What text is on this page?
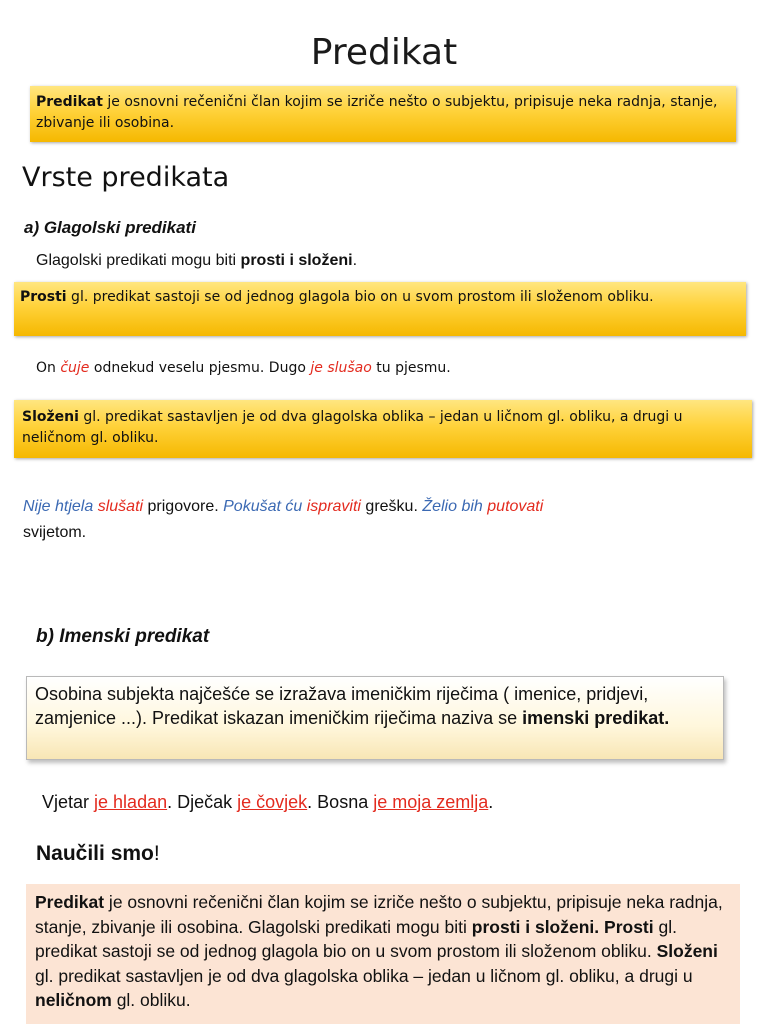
Predikat
Predikat je osnovni rečenični član kojim se izriče nešto o subjektu, pripisuje neka radnja, stanje, zbivanje ili osobina.
Vrste predikata
a) Glagolski predikati
Glagolski predikati mogu biti prosti i složeni.
Prosti gl. predikat sastoji se od jednog glagola bio on u svom prostom ili složenom obliku.
On čuje odnekud veselu pjesmu. Dugo je slušao tu pjesmu.
Složeni gl. predikat sastavljen je od dva glagolska oblika – jedan u ličnom gl. obliku, a drugi u neličnom gl. obliku.
Nije htjela slušati prigovore. Pokušat ću ispraviti grešku. Želio bih putovati
svijetom.
b) Imenski predikat
Osobina subjekta najčešće se izražava imeničkim riječima ( imenice, pridjevi, zamjenice ...). Predikat iskazan imeničkim riječima naziva se imenski predikat.
Vjetar je hladan. Dječak je čovjek. Bosna je moja zemlja.
Naučili smo!
Predikat je osnovni rečenični član kojim se izriče nešto o subjektu, pripisuje neka radnja, stanje, zbivanje ili osobina. Glagolski predikati mogu biti prosti i složeni. Prosti gl. predikat sastoji se od jednog glagola bio on u svom prostom ili složenom obliku. Složeni gl. predikat sastavljen je od dva glagolska oblika – jedan u ličnom gl. obliku, a drugi u neličnom gl. obliku.
